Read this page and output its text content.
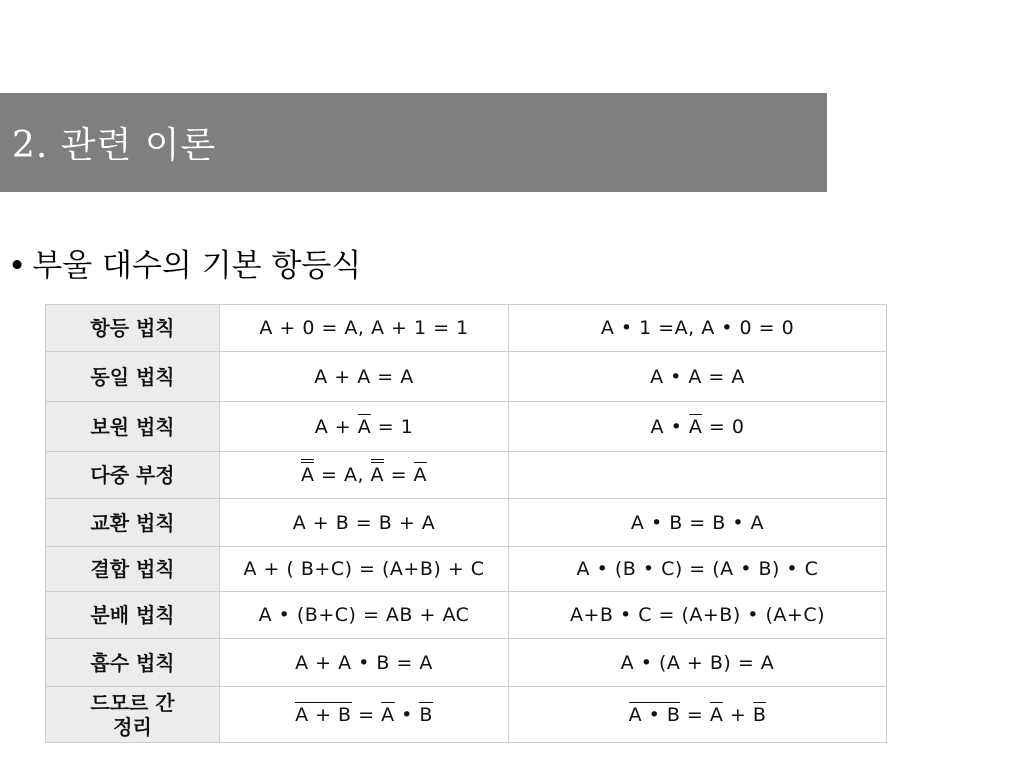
2. 관련 이론
• 부울 대수의 기본 항등식
항등 법칙	A + 0 = A, A + 1 = 1	A • 1 =A, A • 0 = 0
동일 법칙	A + A = A	A • A = A
보원 법칙	A + A = 1	A • A = 0
다중 부정	A = A, A = A	
교환 법칙	A + B = B + A	A • B = B • A
결합 법칙	A + ( B+C) = (A+B) + C	A • (B • C) = (A • B) • C
분배 법칙	A • (B+C) = AB + AC	A+B • C = (A+B) • (A+C)
흡수 법칙	A + A • B = A	A • (A + B) = A
드모르 간
정리	A + B = A • B	A • B = A + B
